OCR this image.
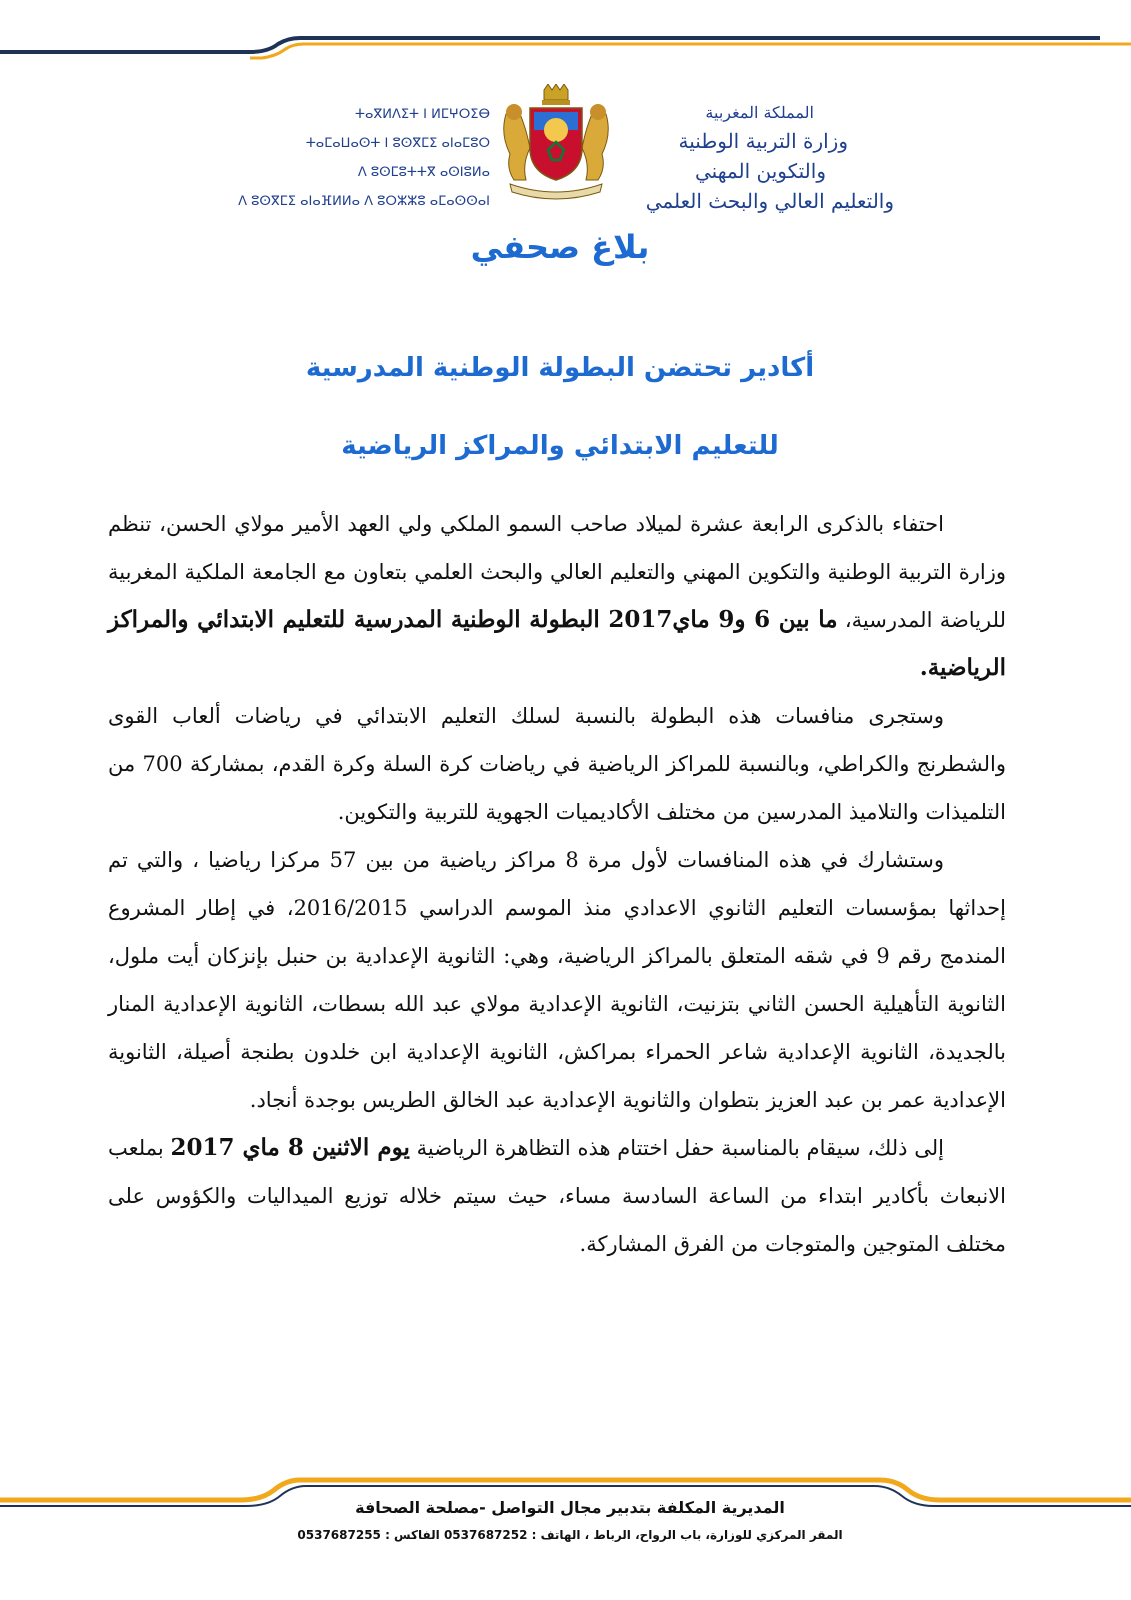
ⵜⴰⴳⵍⴷⵉⵜ ⵏ ⵍⵎⵖⵔⵉⴱ
ⵜⴰⵎⴰⵡⴰⵙⵜ ⵏ ⵓⵙⴳⵎⵉ ⴰⵏⴰⵎⵓⵔ
ⴷ ⵓⵙⵎⵓⵜⵜⴳ ⴰⵙⵏⵓⵍⴰ
ⴷ ⵓⵙⴳⵎⵉ ⴰⵏⴰⴼⵍⵍⴰ ⴷ ⵓⵔⵣⵣⵓ ⴰⵎⴰⵙⵙⴰⵏ
المملكة المغربية
وزارة التربية الوطنية
والتكوين المهني
والتعليم العالي والبحث العلمي
بلاغ صحفي
أكادير تحتضن البطولة الوطنية المدرسية
للتعليم الابتدائي والمراكز الرياضية

احتفاء بالذكرى الرابعة عشرة لميلاد صاحب السمو الملكي ولي العهد الأمير مولاي الحسن، تنظم وزارة التربية الوطنية والتكوين المهني والتعليم العالي والبحث العلمي بتعاون مع الجامعة الملكية المغربية للرياضة المدرسية، ما بين 6 و9 ماي2017 البطولة الوطنية المدرسية للتعليم الابتدائي والمراكز الرياضية.

وستجرى منافسات هذه البطولة بالنسبة لسلك التعليم الابتدائي في رياضات ألعاب القوى والشطرنج والكراطي، وبالنسبة للمراكز الرياضية في رياضات كرة السلة وكرة القدم، بمشاركة 700 من التلميذات والتلاميذ المدرسين من مختلف الأكاديميات الجهوية للتربية والتكوين.

وستشارك في هذه المنافسات لأول مرة 8 مراكز رياضية من بين 57 مركزا رياضيا ، والتي تم إحداثها بمؤسسات التعليم الثانوي الاعدادي منذ الموسم الدراسي 2016/2015، في إطار المشروع المندمج رقم 9 في شقه المتعلق بالمراكز الرياضية، وهي: الثانوية الإعدادية بن حنبل بإنزكان أيت ملول، الثانوية التأهيلية الحسن الثاني بتزنيت، الثانوية الإعدادية مولاي عبد الله بسطات، الثانوية الإعدادية المنار بالجديدة، الثانوية الإعدادية شاعر الحمراء بمراكش، الثانوية الإعدادية ابن خلدون بطنجة أصيلة، الثانوية الإعدادية عمر بن عبد العزيز بتطوان والثانوية الإعدادية عبد الخالق الطريس بوجدة أنجاد.

إلى ذلك، سيقام بالمناسبة حفل اختتام هذه التظاهرة الرياضية يوم الاثنين 8 ماي 2017 بملعب الانبعاث بأكادير ابتداء من الساعة السادسة مساء، حيث سيتم خلاله توزيع الميداليات والكؤوس على مختلف المتوجين والمتوجات من الفرق المشاركة.

المديرية المكلفة بتدبير مجال التواصل -مصلحة الصحافة
المقر المركزي للوزارة، باب الرواح، الرباط ، الهاتف : 0537687252 الفاكس : 0537687255
